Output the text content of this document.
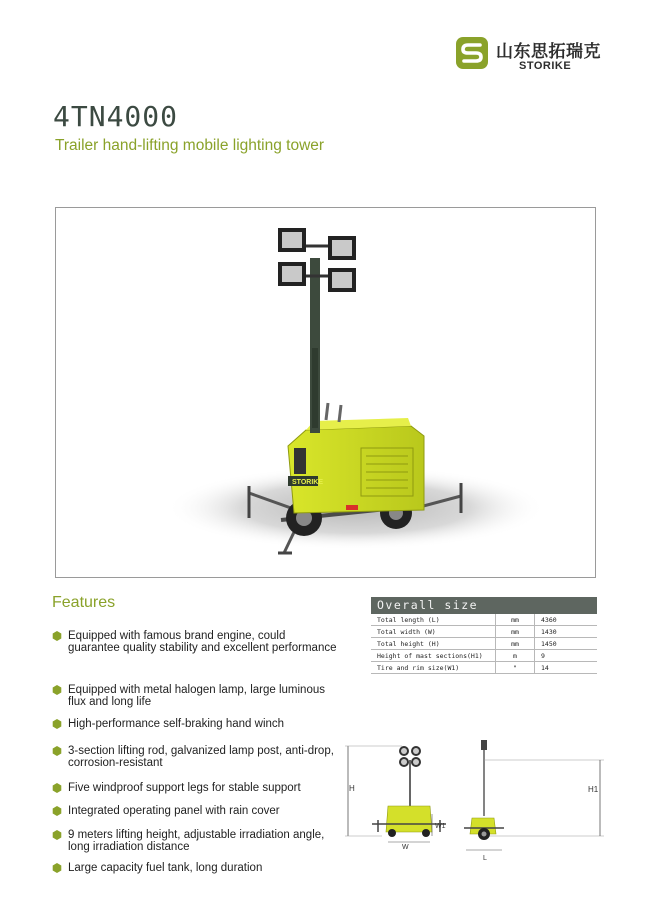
山东思拓瑞克
STORIKE
4TN4000
Trailer hand-lifting mobile lighting tower
STORIKE
Features
Equipped with famous brand engine, could guarantee quality stability and excellent performance
Equipped with metal halogen lamp, large luminous flux and long life
High-performance self-braking hand winch
3-section lifting rod, galvanized lamp post, anti-drop, corrosion-resistant
Five windproof support legs for stable support
Integrated operating panel with rain cover
9 meters lifting height, adjustable irradiation angle, long irradiation distance
Large capacity fuel tank, long duration
Overall size
Total length (L)	mm	4360
Total width (W)	mm	1430
Total height (H)	mm	1450
Height of mast sections(H1)	m	9
Tire and rim size(W1)	"	14
H
W
W1
H1
L
